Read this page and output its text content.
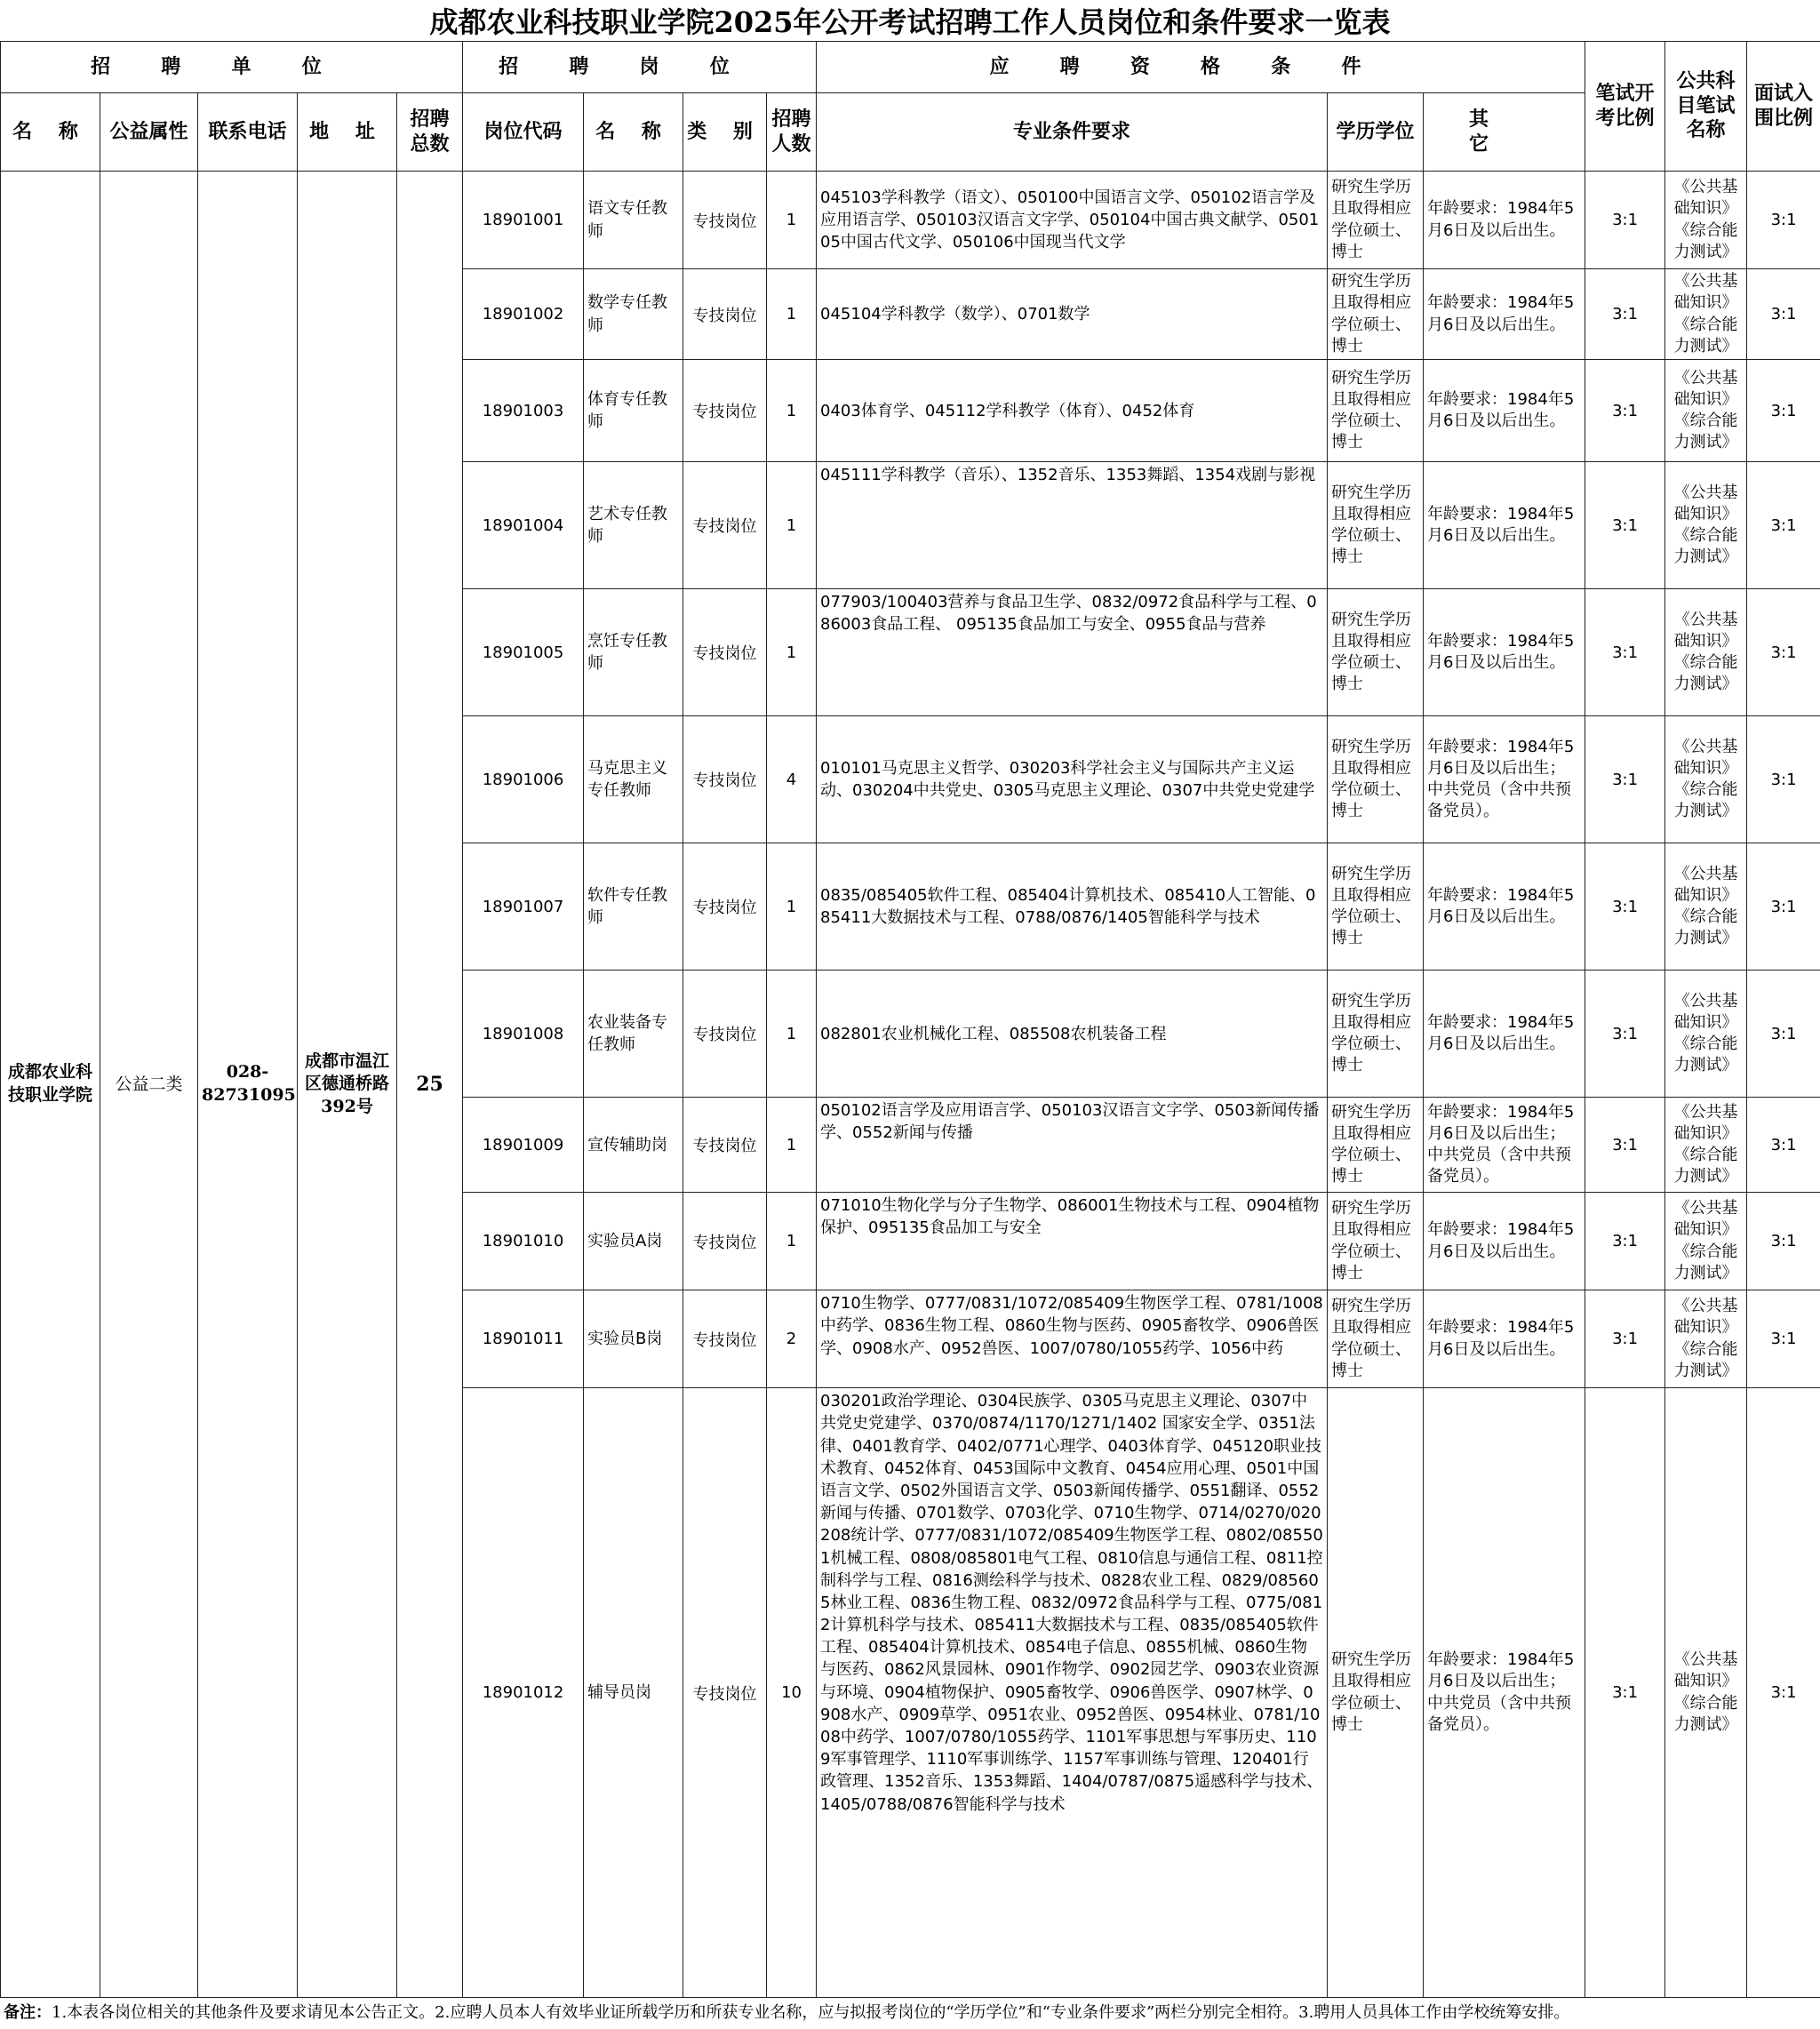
成都农业科技职业学院2025年公开考试招聘工作人员岗位和条件要求一览表
招聘单位					招聘岗位				应聘资格条件			笔试开考比例	公共科目笔试名称	面试入围比例
名 称	公益属性	联系电话	地 址	招聘总数	岗位代码	名 称	类 别	招聘人数	专业条件要求	学历学位	其 它			
成都农业科技职业学院	公益二类	028-82731095	成都市温江区德通桥路392号	25	18901001	语文专任教师	专技岗位	1	045103学科教学（语文）、050100中国语言文学、050102语言学及应用语言学、050103汉语言文字学、050104中国古典文献学、050105中国古代文学、050106中国现当代文学	研究生学历且取得相应学位硕士、博士	年龄要求：1984年5月6日及以后出生。	3:1	《公共基础知识》《综合能力测试》	3:1
					18901002	数学专任教师	专技岗位	1	045104学科教学（数学）、0701数学	研究生学历且取得相应学位硕士、博士	年龄要求：1984年5月6日及以后出生。	3:1	《公共基础知识》《综合能力测试》	3:1
					18901003	体育专任教师	专技岗位	1	0403体育学、045112学科教学（体育）、0452体育	研究生学历且取得相应学位硕士、博士	年龄要求：1984年5月6日及以后出生。	3:1	《公共基础知识》《综合能力测试》	3:1
					18901004	艺术专任教师	专技岗位	1	045111学科教学（音乐）、1352音乐、1353舞蹈、1354戏剧与影视	研究生学历且取得相应学位硕士、博士	年龄要求：1984年5月6日及以后出生。	3:1	《公共基础知识》《综合能力测试》	3:1
					18901005	烹饪专任教师	专技岗位	1	077903/100403营养与食品卫生学、0832/0972食品科学与工程、086003食品工程、 095135食品加工与安全、0955食品与营养	研究生学历且取得相应学位硕士、博士	年龄要求：1984年5月6日及以后出生。	3:1	《公共基础知识》《综合能力测试》	3:1
					18901006	马克思主义专任教师	专技岗位	4	010101马克思主义哲学、030203科学社会主义与国际共产主义运动、030204中共党史、0305马克思主义理论、0307中共党史党建学	研究生学历且取得相应学位硕士、博士	年龄要求：1984年5月6日及以后出生；中共党员（含中共预备党员）。	3:1	《公共基础知识》《综合能力测试》	3:1
					18901007	软件专任教师	专技岗位	1	0835/085405软件工程、085404计算机技术、085410人工智能、085411大数据技术与工程、0788/0876/1405智能科学与技术	研究生学历且取得相应学位硕士、博士	年龄要求：1984年5月6日及以后出生。	3:1	《公共基础知识》《综合能力测试》	3:1
					18901008	农业装备专任教师	专技岗位	1	082801农业机械化工程、085508农机装备工程	研究生学历且取得相应学位硕士、博士	年龄要求：1984年5月6日及以后出生。	3:1	《公共基础知识》《综合能力测试》	3:1
					18901009	宣传辅助岗	专技岗位	1	050102语言学及应用语言学、050103汉语言文字学、0503新闻传播学、0552新闻与传播	研究生学历且取得相应学位硕士、博士	年龄要求：1984年5月6日及以后出生；中共党员（含中共预备党员）。	3:1	《公共基础知识》《综合能力测试》	3:1
					18901010	实验员A岗	专技岗位	1	071010生物化学与分子生物学、086001生物技术与工程、0904植物保护、095135食品加工与安全	研究生学历且取得相应学位硕士、博士	年龄要求：1984年5月6日及以后出生。	3:1	《公共基础知识》《综合能力测试》	3:1
					18901011	实验员B岗	专技岗位	2	0710生物学、0777/0831/1072/085409生物医学工程、0781/1008中药学、0836生物工程、0860生物与医药、0905畜牧学、0906兽医学、0908水产、0952兽医、1007/0780/1055药学、1056中药	研究生学历且取得相应学位硕士、博士	年龄要求：1984年5月6日及以后出生。	3:1	《公共基础知识》《综合能力测试》	3:1
					18901012	辅导员岗	专技岗位	10	030201政治学理论、0304民族学、0305马克思主义理论、0307中共党史党建学、0370/0874/1170/1271/1402 国家安全学、0351法律、0401教育学、0402/0771心理学、0403体育学、045120职业技术教育、0452体育、0453国际中文教育、0454应用心理、0501中国语言文学、0502外国语言文学、0503新闻传播学、0551翻译、0552新闻与传播、0701数学、0703化学、0710生物学、0714/0270/020208统计学、0777/0831/1072/085409生物医学工程、0802/085501机械工程、0808/085801电气工程、0810信息与通信工程、0811控制科学与工程、0816测绘科学与技术、0828农业工程、0829/085605林业工程、0836生物工程、0832/0972食品科学与工程、0775/0812计算机科学与技术、085411大数据技术与工程、0835/085405软件工程、085404计算机技术、0854电子信息、0855机械、0860生物与医药、0862风景园林、0901作物学、0902园艺学、0903农业资源与环境、0904植物保护、0905畜牧学、0906兽医学、0907林学、0908水产、0909草学、0951农业、0952兽医、0954林业、0781/1008中药学、1007/0780/1055药学、1101军事思想与军事历史、1109军事管理学、1110军事训练学、1157军事训练与管理、120401行政管理、1352音乐、1353舞蹈、1404/0787/0875遥感科学与技术、1405/0788/0876智能科学与技术	研究生学历且取得相应学位硕士、博士	年龄要求：1984年5月6日及以后出生；中共党员（含中共预备党员）。	3:1	《公共基础知识》《综合能力测试》	3:1
备注： 1.本表各岗位相关的其他条件及要求请见本公告正文。2.应聘人员本人有效毕业证所载学历和所获专业名称，应与拟报考岗位的“学历学位”和“专业条件要求”两栏分别完全相符。3.聘用人员具体工作由学校统筹安排。
